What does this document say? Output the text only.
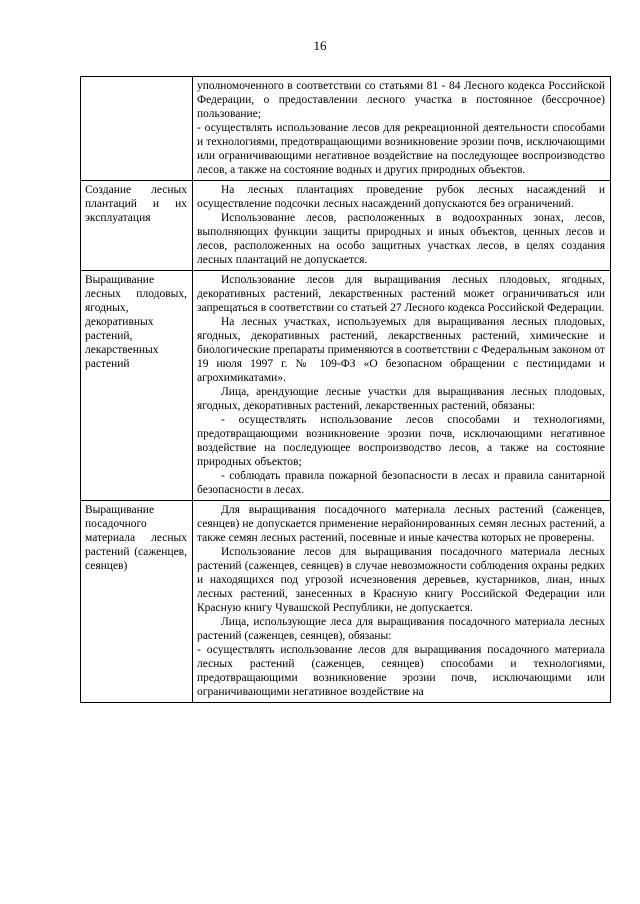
16

	уполномоченного в соответствии со статьями 81 - 84 Лесного кодекса Российской Федерации, о предоставлении лесного участка в постоянное (бессрочное) пользование;

- осуществлять использование лесов для рекреационной деятельности способами и технологиями, предотвращающими возникновение эрозии почв, исключающими или ограничивающими негативное воздействие на последующее воспроизводство лесов, а также на состояние водных и других природных объектов.

Создание лесных плантаций и их эксплуатация	На лесных плантациях проведение рубок лесных насаждений и осуществление подсочки лесных насаждений допускаются без ограничений.

Использование лесов, расположенных в водоохранных зонах, лесов, выполняющих функции защиты природных и иных объектов, ценных лесов и лесов, расположенных на особо защитных участках лесов, в целях создания лесных плантаций не допускается.

Выращивание лесных плодовых, ягодных, декоративных растений, лекарственных растений	Использование лесов для выращивания лесных плодовых, ягодных, декоративных растений, лекарственных растений может ограничиваться или запрещаться в соответствии со статьей 27 Лесного кодекса Российской Федерации.

На лесных участках, используемых для выращивания лесных плодовых, ягодных, декоративных растений, лекарственных растений, химические и биологические препараты применяются в соответствии с Федеральным законом от 19 июля 1997 г. № 109-ФЗ «О безопасном обращении с пестицидами и агрохимикатами».

Лица, арендующие лесные участки для выращивания лесных плодовых, ягодных, декоративных растений, лекарственных растений, обязаны:

- осуществлять использование лесов способами и технологиями, предотвращающими возникновение эрозии почв, исключающими негативное воздействие на последующее воспроизводство лесов, а также на состояние природных объектов;

- соблюдать правила пожарной безопасности в лесах и правила санитарной безопасности в лесах.

Выращивание посадочного материала лесных растений (саженцев, сеянцев)	Для выращивания посадочного материала лесных растений (саженцев, сеянцев) не допускается применение нерайонированных семян лесных растений, а также семян лесных растений, посевные и иные качества которых не проверены.

Использование лесов для выращивания посадочного материала лесных растений (саженцев, сеянцев) в случае невозможности соблюдения охраны редких и находящихся под угрозой исчезновения деревьев, кустарников, лиан, иных лесных растений, занесенных в Красную книгу Российской Федерации или Красную книгу Чувашской Республики, не допускается.

Лица, использующие леса для выращивания посадочного материала лесных растений (саженцев, сеянцев), обязаны:

- осуществлять использование лесов для выращивания посадочного материала лесных растений (саженцев, сеянцев) способами и технологиями, предотвращающими возникновение эрозии почв, исключающими или ограничивающими негативное воздействие на
